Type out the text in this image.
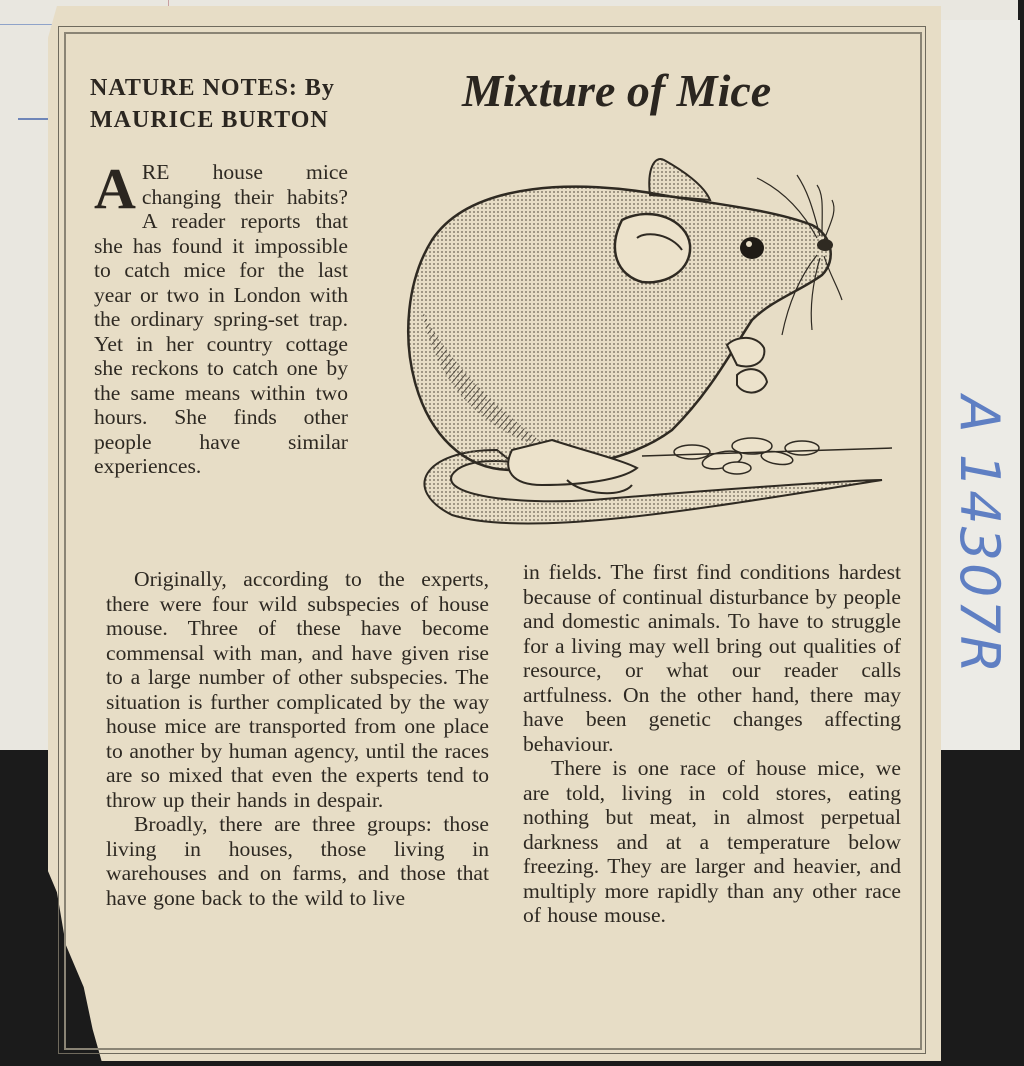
NATURE NOTES: By
MAURICE BURTON
Mixture of Mice
A RE house mice changing their habits? A reader reports that she has found it impossible to catch mice for the last year or two in London with the ordinary spring-set trap. Yet in her country cottage she reckons to catch one by the same means within two hours. She finds other people have similar experiences.

Originally, according to the experts, there were four wild subspecies of house mouse. Three of these have become commensal with man, and have given rise to a large number of other subspecies. The situation is further complicated by the way house mice are transported from one place to another by human agency, until the races are so mixed that even the experts tend to throw up their hands in despair.

Broadly, there are three groups: those living in houses, those living in warehouses and on farms, and those that have gone back to the wild to live

in fields. The first find conditions hardest because of continual disturbance by people and domestic animals. To have to struggle for a living may well bring out qualities of resource, or what our reader calls artfulness. On the other hand, there may have been genetic changes affecting behaviour.

There is one race of house mice, we are told, living in cold stores, eating nothing but meat, in almost perpetual darkness and at a temperature below freezing. They are larger and heavier, and multiply more rapidly than any other race of house mouse.

A 14307R
